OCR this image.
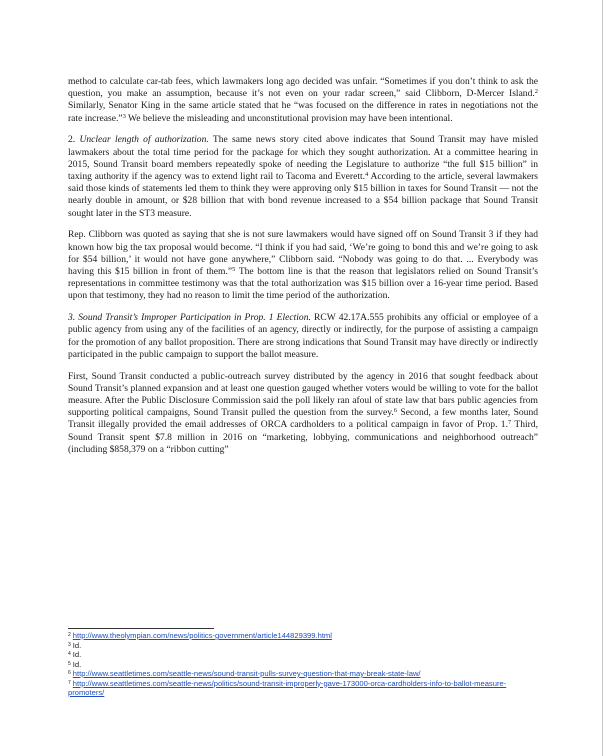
method to calculate car-tab fees, which lawmakers long ago decided was unfair. “Sometimes if you don’t think to ask the question, you make an assumption, because it’s not even on your radar screen,” said Clibborn, D-Mercer Island.$^2$ Similarly, Senator King in the same article stated that he “was focused on the difference in rates in negotiations not the rate increase.”$^3$ We believe the misleading and unconstitutional provision may have been intentional.

2. Unclear length of authorization. The same news story cited above indicates that Sound Transit may have misled lawmakers about the total time period for the package for which they sought authorization. At a committee hearing in 2015, Sound Transit board members repeatedly spoke of needing the Legislature to authorize “the full $15 billion” in taxing authority if the agency was to extend light rail to Tacoma and Everett.$^4$ According to the article, several lawmakers said those kinds of statements led them to think they were approving only $15 billion in taxes for Sound Transit — not the nearly double in amount, or $28 billion that with bond revenue increased to a $54 billion package that Sound Transit sought later in the ST3 measure.

Rep. Clibborn was quoted as saying that she is not sure lawmakers would have signed off on Sound Transit 3 if they had known how big the tax proposal would become. “I think if you had said, ‘We’re going to bond this and we’re going to ask for $54 billion,’ it would not have gone anywhere,” Clibborn said. “Nobody was going to do that. ... Everybody was having this $15 billion in front of them.”$^5$ The bottom line is that the reason that legislators relied on Sound Transit’s representations in committee testimony was that the total authorization was $15 billion over a 16-year time period. Based upon that testimony, they had no reason to limit the time period of the authorization.

3. Sound Transit’s Improper Participation in Prop. 1 Election. RCW 42.17A.555 prohibits any official or employee of a public agency from using any of the facilities of an agency, directly or indirectly, for the purpose of assisting a campaign for the promotion of any ballot proposition. There are strong indications that Sound Transit may have directly or indirectly participated in the public campaign to support the ballot measure.

First, Sound Transit conducted a public-outreach survey distributed by the agency in 2016 that sought feedback about Sound Transit’s planned expansion and at least one question gauged whether voters would be willing to vote for the ballot measure. After the Public Disclosure Commission said the poll likely ran afoul of state law that bars public agencies from supporting political campaigns, Sound Transit pulled the question from the survey.$^6$ Second, a few months later, Sound Transit illegally provided the email addresses of ORCA cardholders to a political campaign in favor of Prop. 1.$^7$ Third, Sound Transit spent $7.8 million in 2016 on “marketing, lobbying, communications and neighborhood outreach” (including $858,379 on a “ribbon cutting”

$^2$ http://www.theolympian.com/news/politics-government/article144829399.html
$^3$ Id.
$^4$ Id.
$^5$ Id.
$^6$ http://www.seattletimes.com/seattle-news/sound-transit-pulls-survey-question-that-may-break-state-law/
$^7$ http://www.seattletimes.com/seattle-news/politics/sound-transit-improperly-gave-173000-orca-cardholders-info-to-ballot-measure-promoters/
